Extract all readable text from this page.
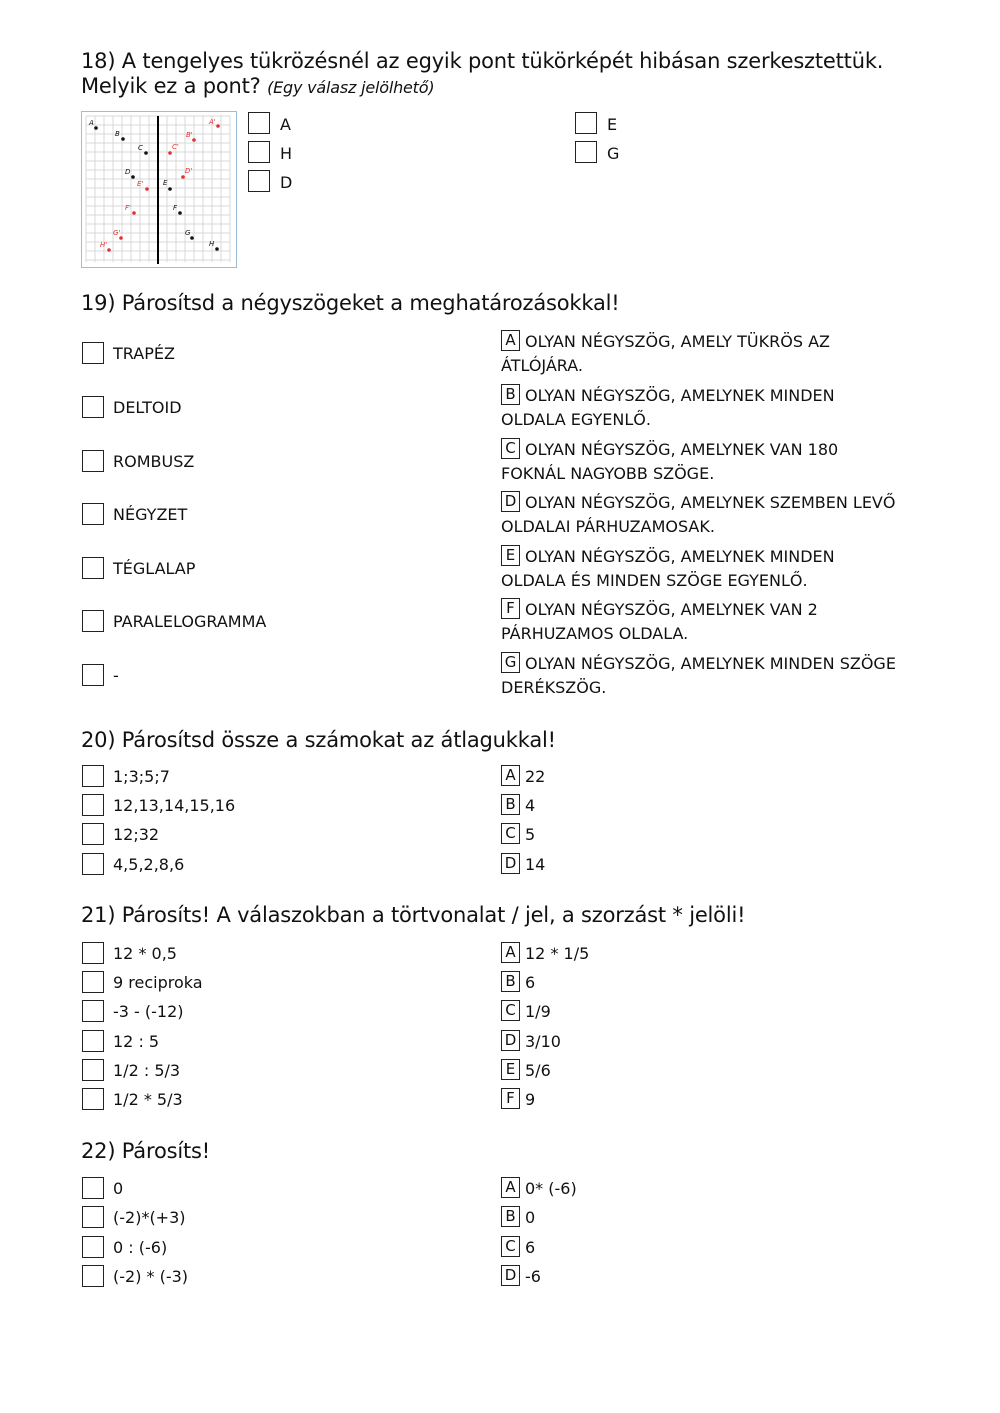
18) A tengelyes tükrözésnél az egyik pont tükörképét hibásan szerkesztettük.
Melyik ez a pont? (Egy válasz jelölhető)
A
B
C
D
E
F
G
H
A'
B'
C'
D'
E'
F'
G'
H'
A
H
D
E
G
19) Párosítsd a négyszögeket a meghatározásokkal!
TRAPÉZ
DELTOID
ROMBUSZ
NÉGYZET
TÉGLALAP
PARALELOGRAMMA
-
A OLYAN NÉGYSZÖG, AMELY TÜKRÖS AZ
ÁTLÓJÁRA.
B OLYAN NÉGYSZÖG, AMELYNEK MINDEN
OLDALA EGYENLŐ.
C OLYAN NÉGYSZÖG, AMELYNEK VAN 180
FOKNÁL NAGYOBB SZÖGE.
D OLYAN NÉGYSZÖG, AMELYNEK SZEMBEN LEVŐ
OLDALAI PÁRHUZAMOSAK.
E OLYAN NÉGYSZÖG, AMELYNEK MINDEN
OLDALA ÉS MINDEN SZÖGE EGYENLŐ.
F OLYAN NÉGYSZÖG, AMELYNEK VAN 2
PÁRHUZAMOS OLDALA.
G OLYAN NÉGYSZÖG, AMELYNEK MINDEN SZÖGE
DERÉKSZÖG.
20) Párosítsd össze a számokat az átlagukkal!
1;3;5;7
12,13,14,15,16
12;32
4,5,2,8,6
A 22
B 4
C 5
D 14
21) Párosíts! A válaszokban a törtvonalat / jel, a szorzást * jelöli!
12 * 0,5
9 reciproka
-3 - (-12)
12 : 5
1/2 : 5/3
1/2 * 5/3
A 12 * 1/5
B 6
C 1/9
D 3/10
E 5/6
F 9
22) Párosíts!
0
(-2)*(+3)
0 : (-6)
(-2) * (-3)
A 0* (-6)
B 0
C 6
D -6
